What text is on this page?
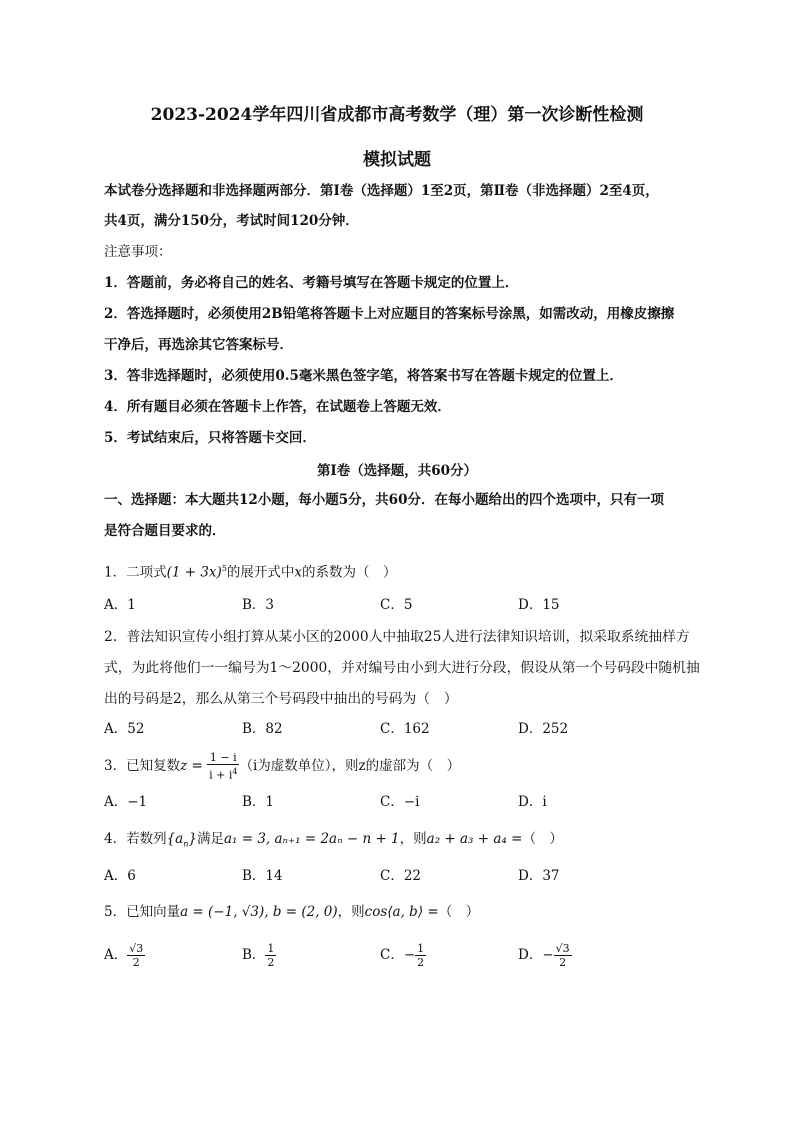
2023-2024学年四川省成都市高考数学（理）第一次诊断性检测
模拟试题
本试卷分选择题和非选择题两部分．第Ⅰ卷（选择题）1至2页，第Ⅱ卷（非选择题）2至4页，
共4页，满分150分，考试时间120分钟．
注意事项：
1．答题前，务必将自己的姓名、考籍号填写在答题卡规定的位置上．
2．答选择题时，必须使用2B铅笔将答题卡上对应题目的答案标号涂黑，如需改动，用橡皮擦擦
干净后，再选涂其它答案标号．
3．答非选择题时，必须使用0.5毫米黑色签字笔，将答案书写在答题卡规定的位置上．
4．所有题目必须在答题卡上作答，在试题卷上答题无效．
5．考试结束后，只将答题卡交回．
第Ⅰ卷（选择题，共60分）
一、选择题：本大题共12小题，每小题5分，共60分．在每小题给出的四个选项中，只有一项
是符合题目要求的．
1．二项式$(1 + 3x)^5$的展开式中x的系数为（　）
A．1	B．3	C．5	D．15
2．普法知识宣传小组打算从某小区的2000人中抽取25人进行法律知识培训，拟采取系统抽样方
式，为此将他们一一编号为1～2000，并对编号由小到大进行分段，假设从第一个号码段中随机抽
出的号码是2，那么从第三个号码段中抽出的号码为（　）
A．52	B．82	C．162	D．252
3．已知复数$z = \frac{1 - i}{i + i^4} (i$为虚数单位），则z的虚部为（　）
A．−1	B．1	C．−i	D．i
4．若数列$\{a_n\}$满足a₁ = 3, aₙ₊₁ = 2aₙ − n + 1，则a₂ + a₃ + a₄ =（　）
A．6	B．14	C．22	D．37
5．已知向量a = (−1, √3), b = (2, 0)，则cos⟨a, b⟩ =（　）
A． $\frac{√3}{2}$	B． $\frac{1}{2}$	C．− $\frac{1}{2}$	D．− $\frac{√3}{2}$
